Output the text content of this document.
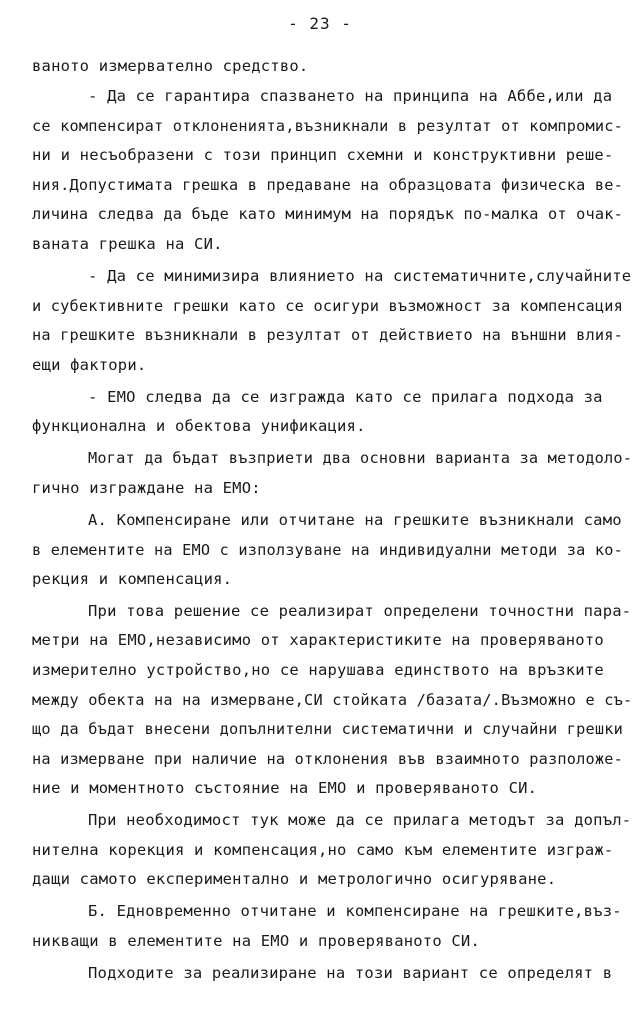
- 23 -
ваното измервателно средство.
- Да се гарантира спазването на принципа на Аббе,или да
се компенсират отклоненията,възникнали в резултат от компромис-
ни и несъобразени с този принцип схемни и конструктивни реше-
ния.Допустимата грешка в предаване на образцовата физическа ве-
личина следва да бъде като минимум на порядък по-малка от очак-
ваната грешка на СИ.
- Да се минимизира влиянието на систематичните,случайните
и субективните грешки като се осигури възможност за компенсация
на грешките възникнали в резултат от действието на външни влия-
ещи фактори.
- ЕМО следва да се изгражда като се прилага подхода за
функционална и обектова унификация.
Могат да бъдат възприети два основни варианта за методоло-
гично изграждане на ЕМО:
А. Компенсиране или отчитане на грешките възникнали само
в елементите на ЕМО с използуване на индивидуални методи за ко-
рекция и компенсация.
При това решение се реализират определени точностни пара-
метри на ЕМО,независимо от характеристиките на проверяваното
измерително устройство,но се нарушава единството на връзките
между обекта на на измерване,СИ стойката /базата/.Възможно е съ-
що да бъдат внесени допълнителни систематични и случайни грешки
на измерване при наличие на отклонения във взаимното разположе-
ние и моментното състояние на ЕМО и проверяваното СИ.
При необходимост тук може да се прилага методът за допъл-
нителна корекция и компенсация,но само към елементите изграж-
дащи самото експериментално и метрологично осигуряване.
Б. Едновременно отчитане и компенсиране на грешките,въз-
никващи в елементите на ЕМО и проверяваното СИ.
Подходите за реализиране на този вариант се определят в
